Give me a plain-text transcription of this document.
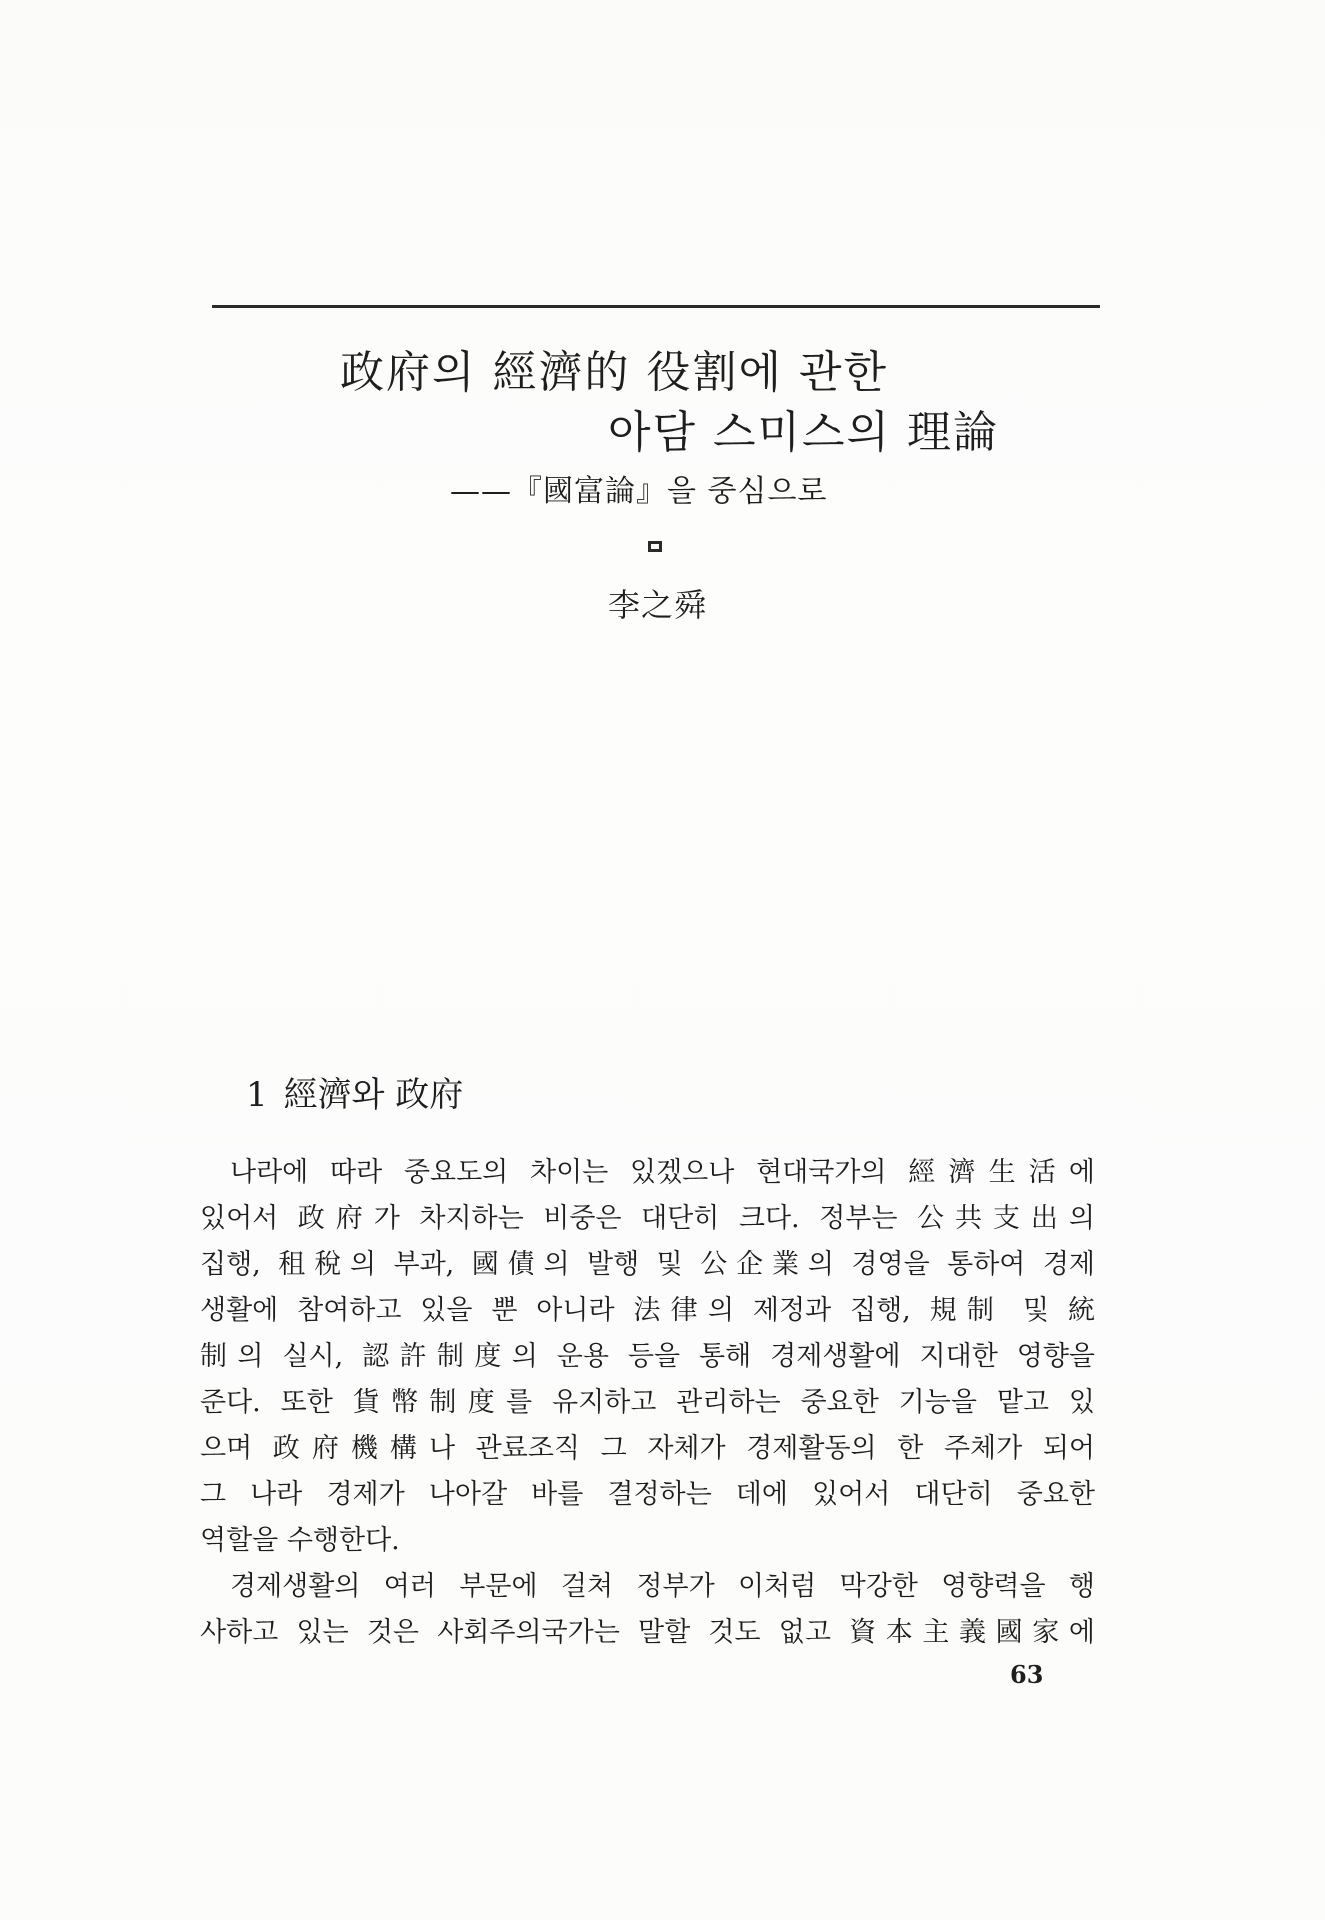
政府의 經濟的 役割에 관한
아담 스미스의 理論
——『國富論』을 중심으로
李之舜
1 經濟와 政府
나라에 따라 중요도의 차이는 있겠으나 현대국가의 經濟生活에
있어서 政府가 차지하는 비중은 대단히 크다. 정부는 公共支出의
집행, 租稅의 부과, 國債의 발행 및 公企業의 경영을 통하여 경제
생활에 참여하고 있을 뿐 아니라 法律의 제정과 집행, 規制 및 統
制의 실시, 認許制度의 운용 등을 통해 경제생활에 지대한 영향을
준다. 또한 貨幣制度를 유지하고 관리하는 중요한 기능을 맡고 있
으며 政府機構나 관료조직 그 자체가 경제활동의 한 주체가 되어
그 나라 경제가 나아갈 바를 결정하는 데에 있어서 대단히 중요한
역할을 수행한다.
경제생활의 여러 부문에 걸쳐 정부가 이처럼 막강한 영향력을 행
사하고 있는 것은 사회주의국가는 말할 것도 없고 資本主義國家에
63
